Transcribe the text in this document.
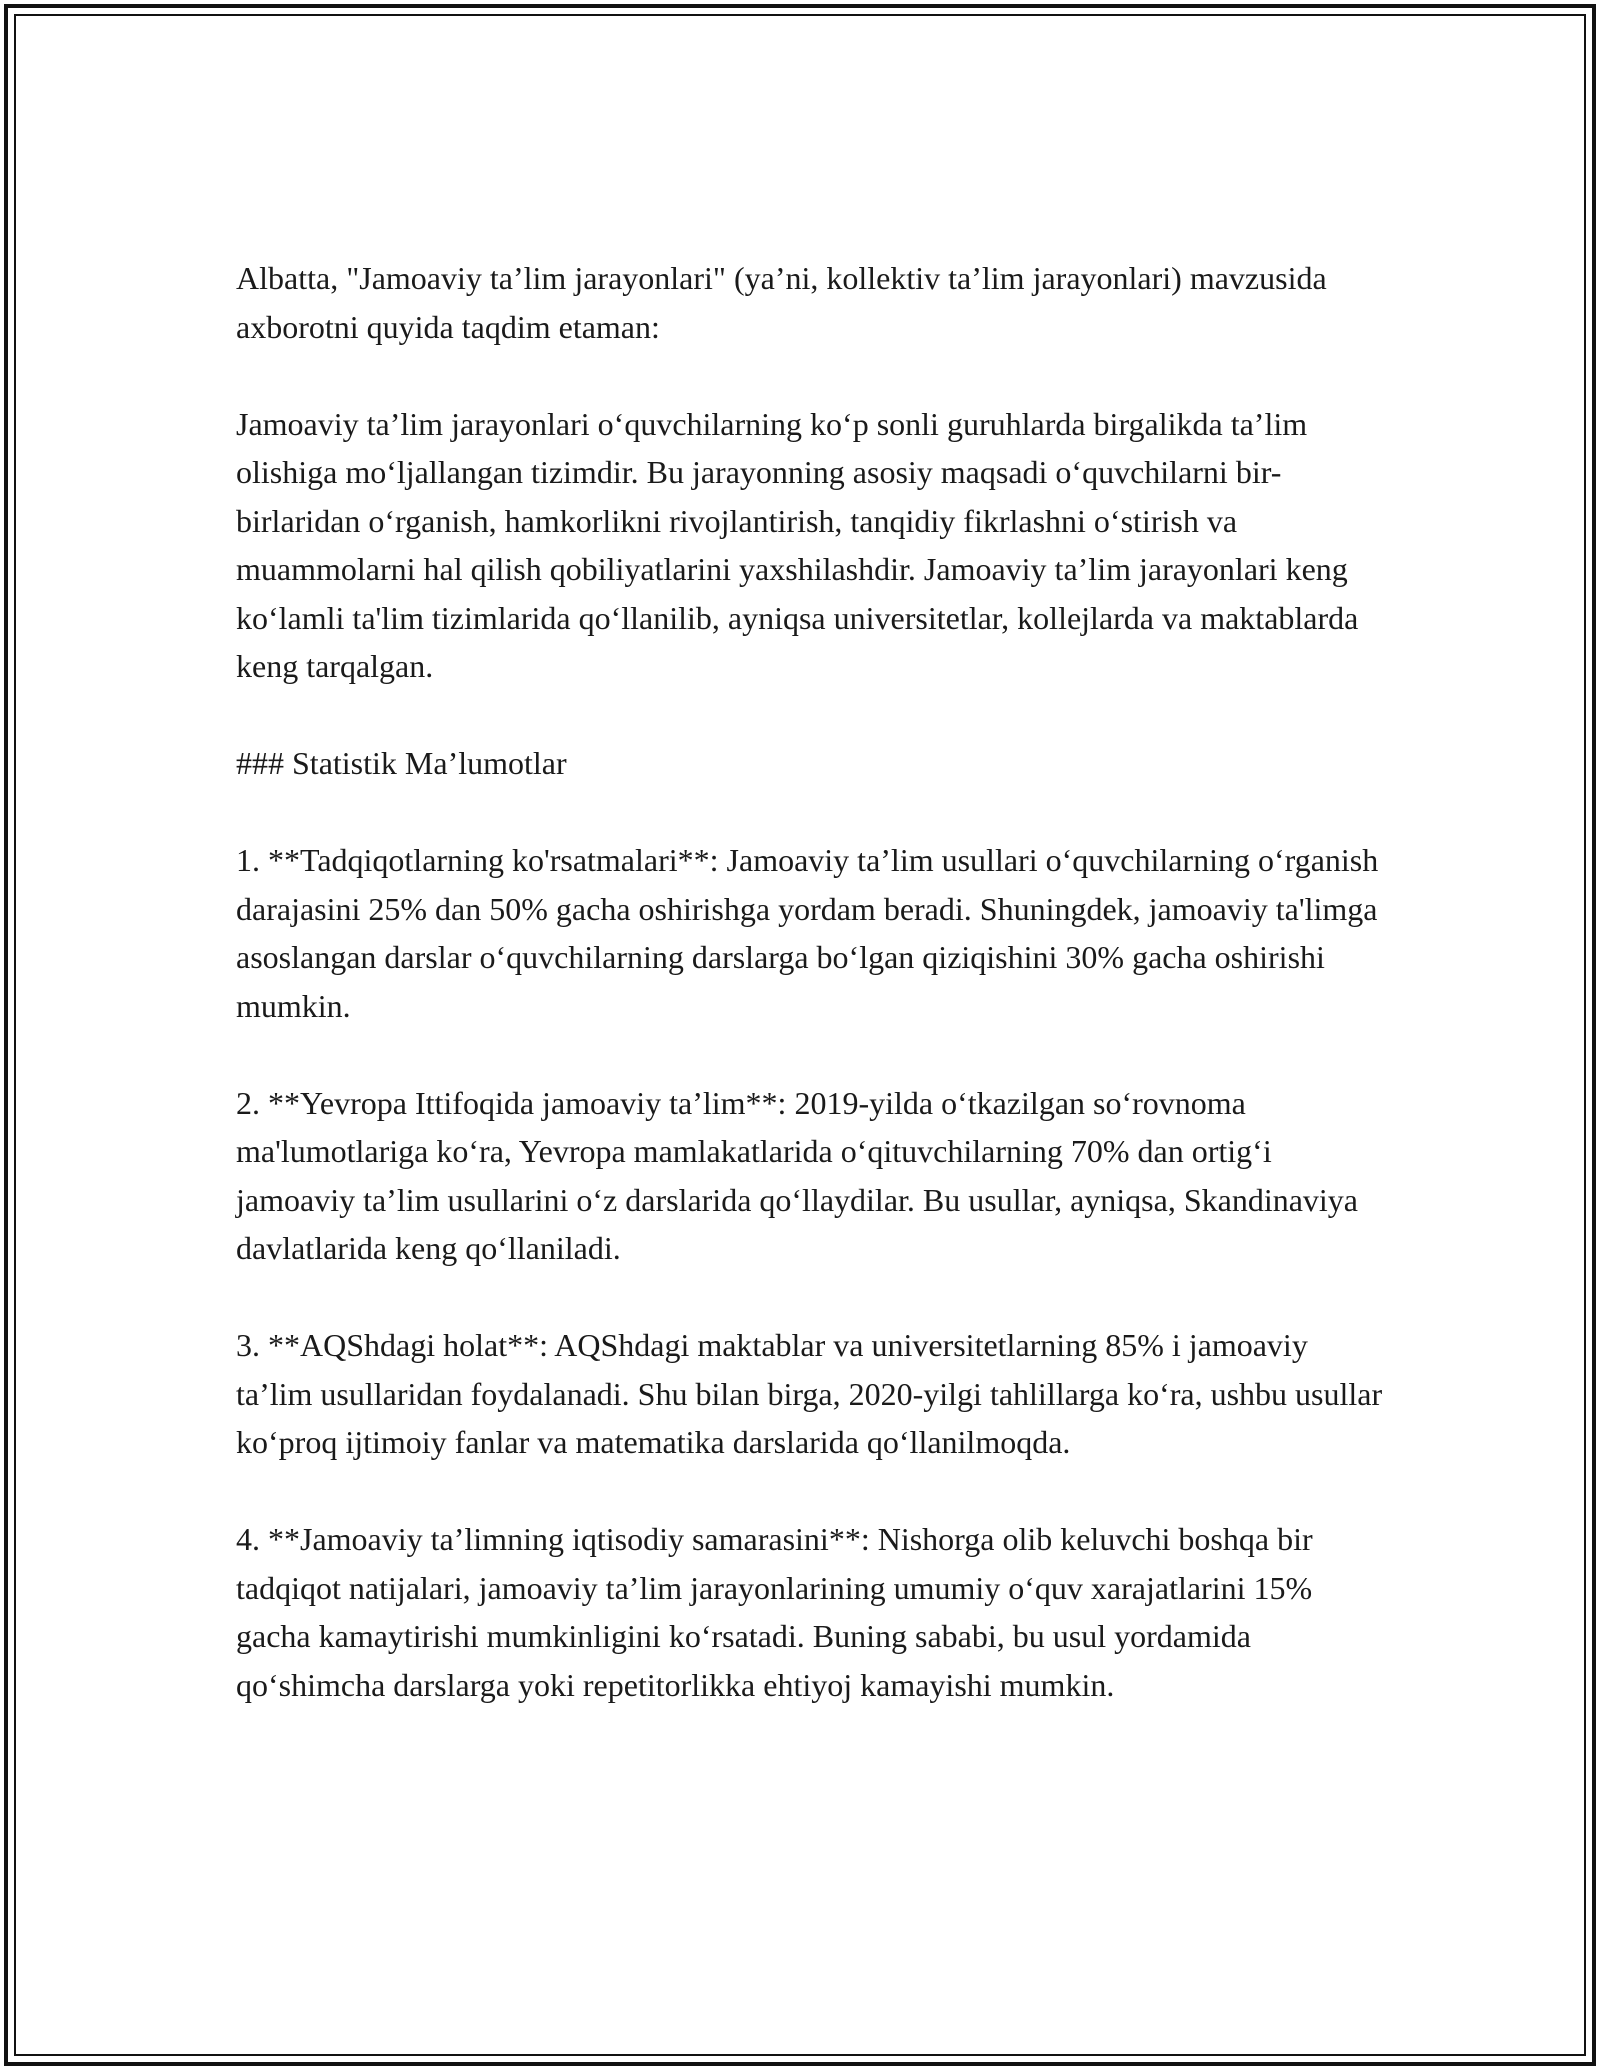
Albatta, "Jamoaviy ta’lim jarayonlari" (ya’ni, kollektiv ta’lim jarayonlari) mavzusida axborotni quyida taqdim etaman:

Jamoaviy ta’lim jarayonlari o‘quvchilarning ko‘p sonli guruhlarda birgalikda ta’lim olishiga mo‘ljallangan tizimdir. Bu jarayonning asosiy maqsadi o‘quvchilarni bir-birlaridan o‘rganish, hamkorlikni rivojlantirish, tanqidiy fikrlashni o‘stirish va muammolarni hal qilish qobiliyatlarini yaxshilashdir. Jamoaviy ta’lim jarayonlari keng ko‘lamli ta'lim tizimlarida qo‘llanilib, ayniqsa universitetlar, kollejlarda va maktablarda keng tarqalgan.

### Statistik Ma’lumotlar

1. **Tadqiqotlarning ko'rsatmalari**: Jamoaviy ta’lim usullari o‘quvchilarning o‘rganish darajasini 25% dan 50% gacha oshirishga yordam beradi. Shuningdek, jamoaviy ta'limga asoslangan darslar o‘quvchilarning darslarga bo‘lgan qiziqishini 30% gacha oshirishi mumkin.

2. **Yevropa Ittifoqida jamoaviy ta’lim**: 2019-yilda o‘tkazilgan so‘rovnoma ma'lumotlariga ko‘ra, Yevropa mamlakatlarida o‘qituvchilarning 70% dan ortig‘i jamoaviy ta’lim usullarini o‘z darslarida qo‘llaydilar. Bu usullar, ayniqsa, Skandinaviya davlatlarida keng qo‘llaniladi.

3. **AQShdagi holat**: AQShdagi maktablar va universitetlarning 85% i jamoaviy ta’lim usullaridan foydalanadi. Shu bilan birga, 2020-yilgi tahlillarga ko‘ra, ushbu usullar ko‘proq ijtimoiy fanlar va matematika darslarida qo‘llanilmoqda.

4. **Jamoaviy ta’limning iqtisodiy samarasini**: Nishorga olib keluvchi boshqa bir tadqiqot natijalari, jamoaviy ta’lim jarayonlarining umumiy o‘quv xarajatlarini 15% gacha kamaytirishi mumkinligini ko‘rsatadi. Buning sababi, bu usul yordamida qo‘shimcha darslarga yoki repetitorlikka ehtiyoj kamayishi mumkin.
